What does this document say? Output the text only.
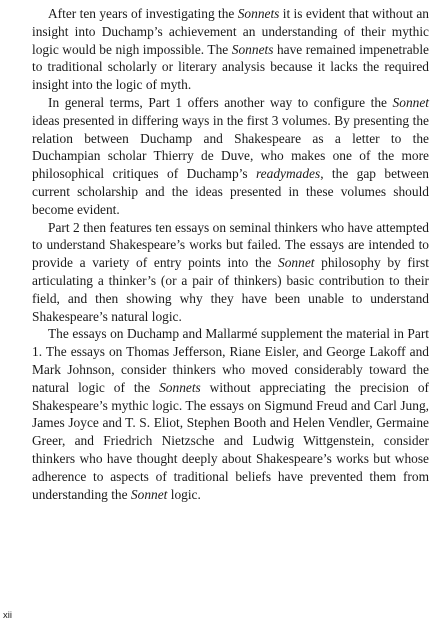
After ten years of investigating the Sonnets it is evident that without an insight into Duchamp’s achievement an understanding of their mythic logic would be nigh impossible. The Sonnets have remained impenetrable to traditional scholarly or literary analysis because it lacks the required insight into the logic of myth.

In general terms, Part 1 offers another way to configure the Sonnet ideas presented in differing ways in the first 3 volumes. By presenting the relation between Duchamp and Shakespeare as a letter to the Duchampian scholar Thierry de Duve, who makes one of the more philosophical critiques of Duchamp’s readymades, the gap between current scholarship and the ideas presented in these volumes should become evident.

Part 2 then features ten essays on seminal thinkers who have attempted to understand Shakespeare’s works but failed. The essays are intended to provide a variety of entry points into the Sonnet philosophy by first articulating a thinker’s (or a pair of thinkers) basic contribution to their field, and then showing why they have been unable to understand Shakespeare’s natural logic.

The essays on Duchamp and Mallarmé supplement the material in Part 1. The essays on Thomas Jefferson, Riane Eisler, and George Lakoff and Mark Johnson, consider thinkers who moved considerably toward the natural logic of the Sonnets without appreciating the precision of Shakespeare’s mythic logic. The essays on Sigmund Freud and Carl Jung, James Joyce and T. S. Eliot, Stephen Booth and Helen Vendler, Germaine Greer, and Friedrich Nietzsche and Ludwig Wittgenstein, consider thinkers who have thought deeply about Shakespeare’s works but whose adherence to aspects of traditional beliefs have prevented them from understanding the Sonnet logic.

xii
